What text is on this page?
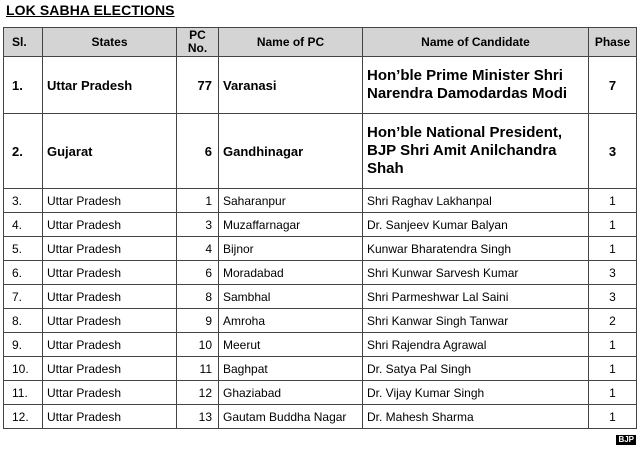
LOK SABHA ELECTIONS
Sl.	States	PC No.	Name of PC	Name of Candidate	Phase
1.	Uttar Pradesh	77	Varanasi	Hon’ble Prime Minister Shri Narendra Damodardas Modi	7
2.	Gujarat	6	Gandhinagar	Hon’ble National President, BJP Shri Amit Anilchandra Shah	3
3.	Uttar Pradesh	1	Saharanpur	Shri Raghav Lakhanpal	1
4.	Uttar Pradesh	3	Muzaffarnagar	Dr. Sanjeev Kumar Balyan	1
5.	Uttar Pradesh	4	Bijnor	Kunwar Bharatendra Singh	1
6.	Uttar Pradesh	6	Moradabad	Shri Kunwar Sarvesh Kumar	3
7.	Uttar Pradesh	8	Sambhal	Shri Parmeshwar Lal Saini	3
8.	Uttar Pradesh	9	Amroha	Shri Kanwar Singh Tanwar	2
9.	Uttar Pradesh	10	Meerut	Shri Rajendra Agrawal	1
10.	Uttar Pradesh	11	Baghpat	Dr. Satya Pal Singh	1
11.	Uttar Pradesh	12	Ghaziabad	Dr. Vijay Kumar Singh	1
12.	Uttar Pradesh	13	Gautam Buddha Nagar	Dr. Mahesh Sharma	1
BJP
